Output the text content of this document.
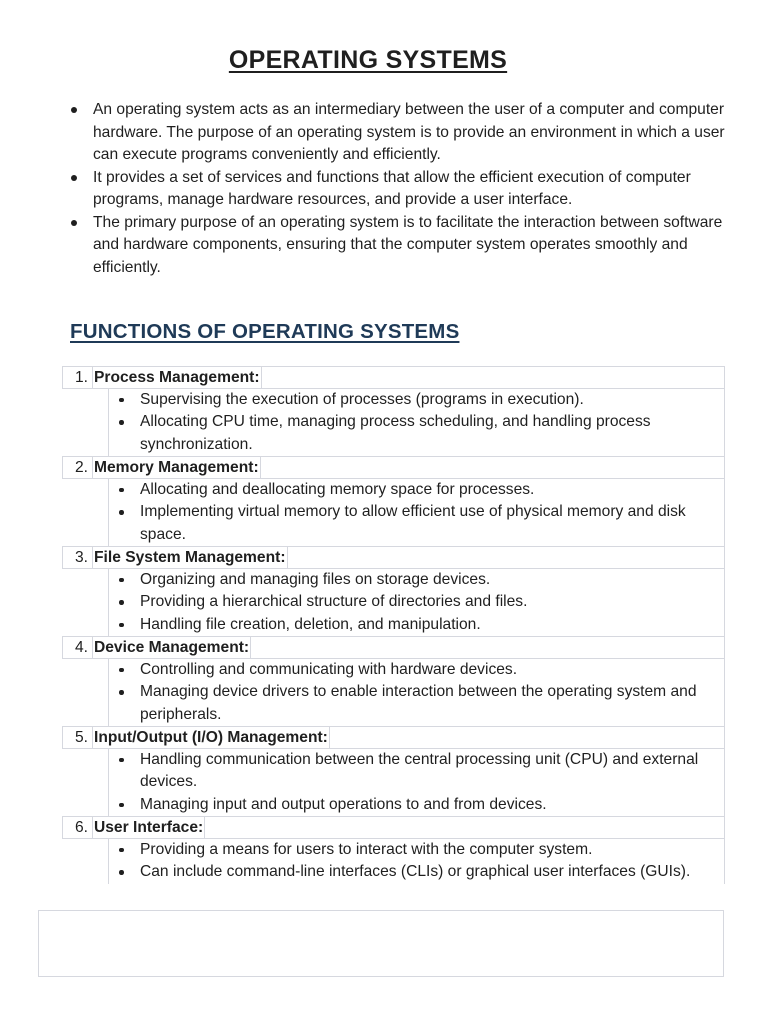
OPERATING SYSTEMS
An operating system acts as an intermediary between the user of a computer and computer hardware. The purpose of an operating system is to provide an environment in which a user can execute programs conveniently and efficiently.
It provides a set of services and functions that allow the efficient execution of computer programs, manage hardware resources, and provide a user interface.
The primary purpose of an operating system is to facilitate the interaction between software and hardware components, ensuring that the computer system operates smoothly and efficiently.
FUNCTIONS OF OPERATING SYSTEMS
1. Process Management:
Supervising the execution of processes (programs in execution).
Allocating CPU time, managing process scheduling, and handling process synchronization.
2. Memory Management:
Allocating and deallocating memory space for processes.
Implementing virtual memory to allow efficient use of physical memory and disk space.
3. File System Management:
Organizing and managing files on storage devices.
Providing a hierarchical structure of directories and files.
Handling file creation, deletion, and manipulation.
4. Device Management:
Controlling and communicating with hardware devices.
Managing device drivers to enable interaction between the operating system and peripherals.
5. Input/Output (I/O) Management:
Handling communication between the central processing unit (CPU) and external devices.
Managing input and output operations to and from devices.
6. User Interface:
Providing a means for users to interact with the computer system.
Can include command-line interfaces (CLIs) or graphical user interfaces (GUIs).
